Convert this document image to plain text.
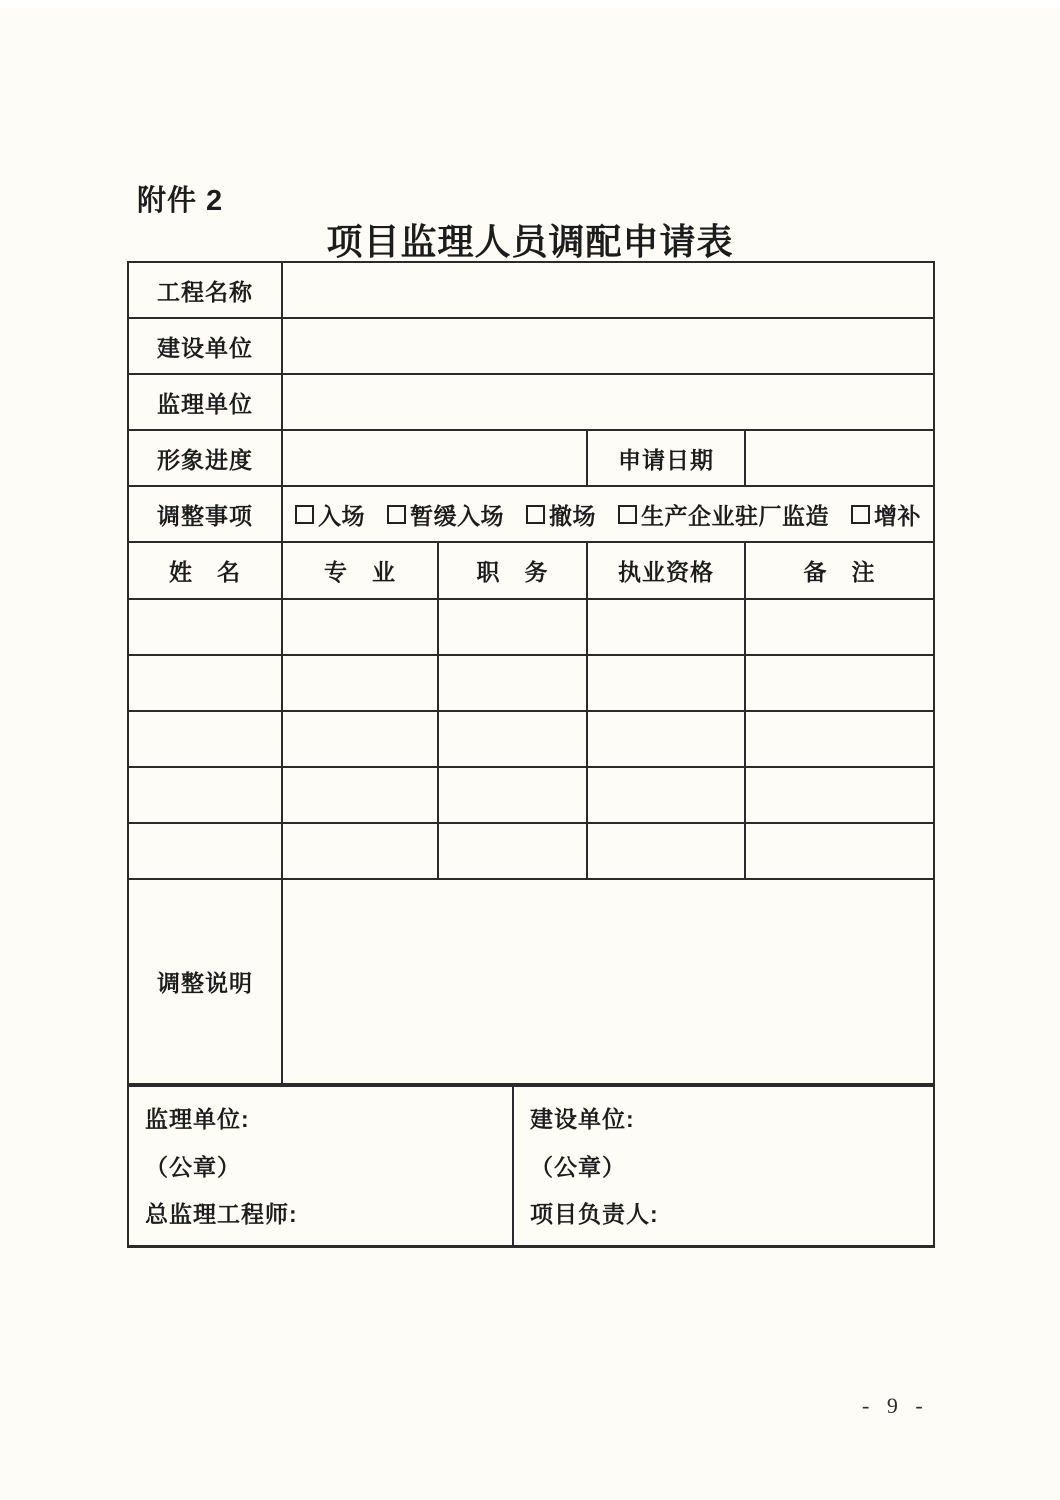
附件 2
项目监理人员调配申请表
工程名称				
建设单位				
监理单位				
形象进度			申请日期	
调整事项	入场 暂缓入场 撤场 生产企业驻厂监造 增补			

姓　名	专　业	职　务	执业资格	备　注

调整说明				
监理单位:
（公章）
总监理工程师:

建设单位:
（公章）
项目负责人:
- 9 -
